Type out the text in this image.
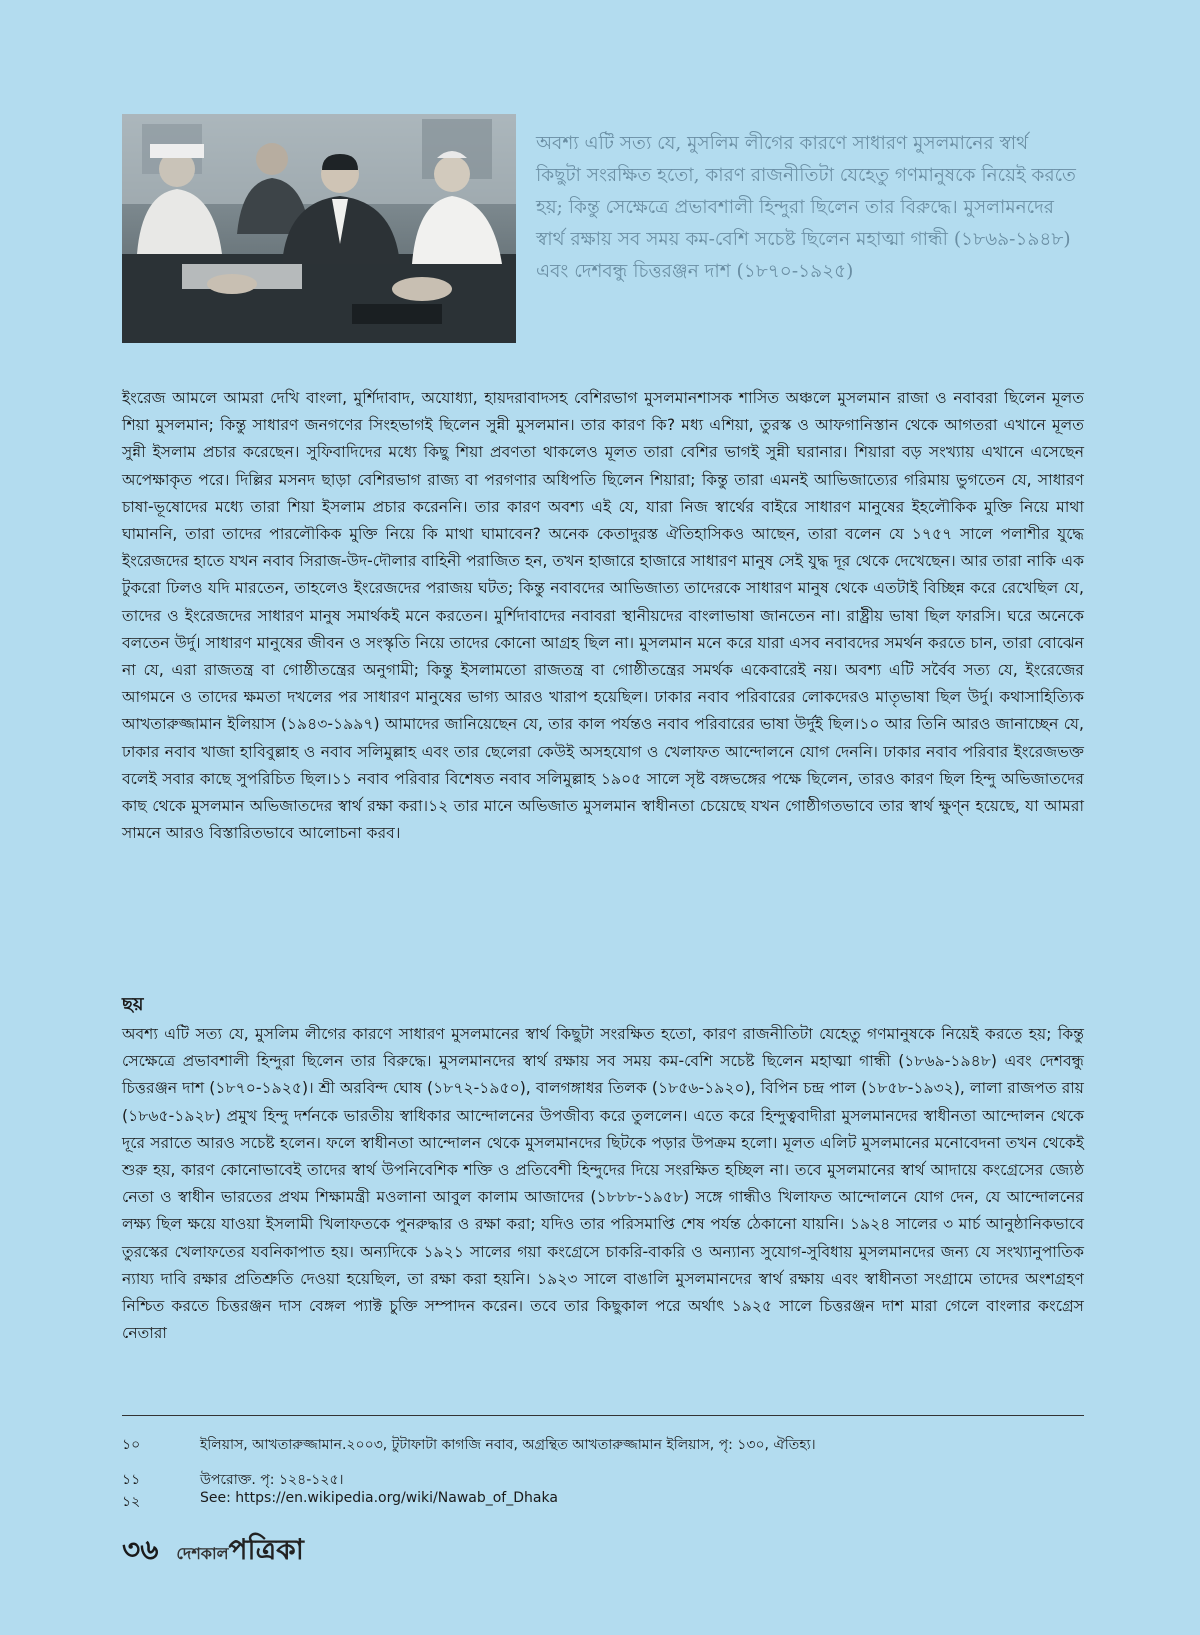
অবশ্য এটি সত্য যে, মুসলিম লীগের কারণে সাধারণ মুসলমানের স্বার্থ কিছুটা সংরক্ষিত হতো, কারণ রাজনীতিটা যেহেতু গণমানুষকে নিয়েই করতে হয়; কিন্তু সেক্ষেত্রে প্রভাবশালী হিন্দুরা ছিলেন তার বিরুদ্ধে। মুসলামনদের স্বার্থ রক্ষায় সব সময় কম-বেশি সচেষ্ট ছিলেন মহাত্মা গান্ধী (১৮৬৯-১৯৪৮) এবং দেশবন্ধু চিত্তরঞ্জন দাশ (১৮৭০-১৯২৫)

ইংরেজ আমলে আমরা দেখি বাংলা, মুর্শিদাবাদ, অযোধ্যা, হায়দরাবাদসহ বেশিরভাগ মুসলমানশাসক শাসিত অঞ্চলে মুসলমান রাজা ও নবাবরা ছিলেন মূলত শিয়া মুসলমান; কিন্তু সাধারণ জনগণের সিংহভাগই ছিলেন সুন্নী মুসলমান। তার কারণ কি? মধ্য এশিয়া, তুরস্ক ও আফগানিস্তান থেকে আগতরা এখানে মূলত সুন্নী ইসলাম প্রচার করেছেন। সুফিবাদিদের মধ্যে কিছু শিয়া প্রবণতা থাকলেও মূলত তারা বেশির ভাগই সুন্নী ঘরানার। শিয়ারা বড় সংখ্যায় এখানে এসেছেন অপেক্ষাকৃত পরে। দিল্লির মসনদ ছাড়া বেশিরভাগ রাজ্য বা পরগণার অধিপতি ছিলেন শিয়ারা; কিন্তু তারা এমনই আভিজাত্যের গরিমায় ভুগতেন যে, সাধারণ চাষা-ভূষোদের মধ্যে তারা শিয়া ইসলাম প্রচার করেননি। তার কারণ অবশ্য এই যে, যারা নিজ স্বার্থের বাইরে সাধারণ মানুষের ইহলৌকিক মুক্তি নিয়ে মাথা ঘামাননি, তারা তাদের পারলৌকিক মুক্তি নিয়ে কি মাথা ঘামাবেন? অনেক কেতাদুরস্ত ঐতিহাসিকও আছেন, তারা বলেন যে ১৭৫৭ সালে পলাশীর যুদ্ধে ইংরেজদের হাতে যখন নবাব সিরাজ-উদ-দৌলার বাহিনী পরাজিত হন, তখন হাজারে হাজারে সাধারণ মানুষ সেই যুদ্ধ দূর থেকে দেখেছেন। আর তারা নাকি এক টুকরো ঢিলও যদি মারতেন, তাহলেও ইংরেজদের পরাজয় ঘটত; কিন্তু নবাবদের আভিজাত্য তাদেরকে সাধারণ মানুষ থেকে এতটাই বিচ্ছিন্ন করে রেখেছিল যে, তাদের ও ইংরেজদের সাধারণ মানুষ সমার্থকই মনে করতেন। মুর্শিদাবাদের নবাবরা স্থানীয়দের বাংলাভাষা জানতেন না। রাষ্ট্রীয় ভাষা ছিল ফারসি। ঘরে অনেকে বলতেন উর্দু। সাধারণ মানুষের জীবন ও সংস্কৃতি নিয়ে তাদের কোনো আগ্রহ ছিল না। মুসলমান মনে করে যারা এসব নবাবদের সমর্থন করতে চান, তারা বোঝেন না যে, এরা রাজতন্ত্র বা গোষ্ঠীতন্ত্রের অনুগামী; কিন্তু ইসলামতো রাজতন্ত্র বা গোষ্ঠীতন্ত্রের সমর্থক একেবারেই নয়। অবশ্য এটি সর্বৈব সত্য যে, ইংরেজের আগমনে ও তাদের ক্ষমতা দখলের পর সাধারণ মানুষের ভাগ্য আরও খারাপ হয়েছিল। ঢাকার নবাব পরিবারের লোকদেরও মাতৃভাষা ছিল উর্দু। কথাসাহিত্যিক আখতারুজ্জামান ইলিয়াস (১৯৪৩-১৯৯৭) আমাদের জানিয়েছেন যে, তার কাল পর্যন্তও নবাব পরিবারের ভাষা উর্দুই ছিল।১০ আর তিনি আরও জানাচ্ছেন যে, ঢাকার নবাব খাজা হাবিবুল্লাহ ও নবাব সলিমুল্লাহ এবং তার ছেলেরা কেউই অসহযোগ ও খেলাফত আন্দোলনে যোগ দেননি। ঢাকার নবাব পরিবার ইংরেজভক্ত বলেই সবার কাছে সুপরিচিত ছিল।১১ নবাব পরিবার বিশেষত নবাব সলিমুল্লাহ ১৯০৫ সালে সৃষ্ট বঙ্গভঙ্গের পক্ষে ছিলেন, তারও কারণ ছিল হিন্দু অভিজাতদের কাছ থেকে মুসলমান অভিজাতদের স্বার্থ রক্ষা করা।১২ তার মানে অভিজাত মুসলমান স্বাধীনতা চেয়েছে যখন গোষ্ঠীগতভাবে তার স্বার্থ ক্ষুণ্ন হয়েছে, যা আমরা সামনে আরও বিস্তারিতভাবে আলোচনা করব।

ছয়

অবশ্য এটি সত্য যে, মুসলিম লীগের কারণে সাধারণ মুসলমানের স্বার্থ কিছুটা সংরক্ষিত হতো, কারণ রাজনীতিটা যেহেতু গণমানুষকে নিয়েই করতে হয়; কিন্তু সেক্ষেত্রে প্রভাবশালী হিন্দুরা ছিলেন তার বিরুদ্ধে। মুসলমানদের স্বার্থ রক্ষায় সব সময় কম-বেশি সচেষ্ট ছিলেন মহাত্মা গান্ধী (১৮৬৯-১৯৪৮) এবং দেশবন্ধু চিত্তরঞ্জন দাশ (১৮৭০-১৯২৫)। শ্রী অরবিন্দ ঘোষ (১৮৭২-১৯৫০), বালগঙ্গাধর তিলক (১৮৫৬-১৯২০), বিপিন চন্দ্র পাল (১৮৫৮-১৯৩২), লালা রাজপত রায় (১৮৬৫-১৯২৮) প্রমুখ হিন্দু দর্শনকে ভারতীয় স্বাধিকার আন্দোলনের উপজীব্য করে তুললেন। এতে করে হিন্দুত্ববাদীরা মুসলমানদের স্বাধীনতা আন্দোলন থেকে দূরে সরাতে আরও সচেষ্ট হলেন। ফলে স্বাধীনতা আন্দোলন থেকে মুসলমানদের ছিটকে পড়ার উপক্রম হলো। মূলত এলিট মুসলমানের মনোবেদনা তখন থেকেই শুরু হয়, কারণ কোনোভাবেই তাদের স্বার্থ উপনিবেশিক শক্তি ও প্রতিবেশী হিন্দুদের দিয়ে সংরক্ষিত হচ্ছিল না। তবে মুসলমানের স্বার্থ আদায়ে কংগ্রেসের জ্যেষ্ঠ নেতা ও স্বাধীন ভারতের প্রথম শিক্ষামন্ত্রী মওলানা আবুল কালাম আজাদের (১৮৮৮-১৯৫৮) সঙ্গে গান্ধীও খিলাফত আন্দোলনে যোগ দেন, যে আন্দোলনের লক্ষ্য ছিল ক্ষয়ে যাওয়া ইসলামী খিলাফতকে পুনরুদ্ধার ও রক্ষা করা; যদিও তার পরিসমাপ্তি শেষ পর্যন্ত ঠেকানো যায়নি। ১৯২৪ সালের ৩ মার্চ আনুষ্ঠানিকভাবে তুরস্কের খেলাফতের যবনিকাপাত হয়। অন্যদিকে ১৯২১ সালের গয়া কংগ্রেসে চাকরি-বাকরি ও অন্যান্য সুযোগ-সুবিধায় মুসলমানদের জন্য যে সংখ্যানুপাতিক ন্যায্য দাবি রক্ষার প্রতিশ্রুতি দেওয়া হয়েছিল, তা রক্ষা করা হয়নি। ১৯২৩ সালে বাঙালি মুসলমানদের স্বার্থ রক্ষায় এবং স্বাধীনতা সংগ্রামে তাদের অংশগ্রহণ নিশ্চিত করতে চিত্তরঞ্জন দাস বেঙ্গল প্যাক্ট চুক্তি সম্পাদন করেন। তবে তার কিছুকাল পরে অর্থাৎ ১৯২৫ সালে চিত্তরঞ্জন দাশ মারা গেলে বাংলার কংগ্রেস নেতারা

১০	ইলিয়াস, আখতারুজ্জামান.২০০৩, টুটাফাটা কাগজি নবাব, অগ্রন্থিত আখতারুজ্জামান ইলিয়াস, পৃ: ১৩০, ঐতিহ্য।
১১	উপরোক্ত. পৃ: ১২৪-১২৫।
১২	See: https://en.wikipedia.org/wiki/Nawab_of_Dhaka
৩৬ দেশকাল পত্রিকা
